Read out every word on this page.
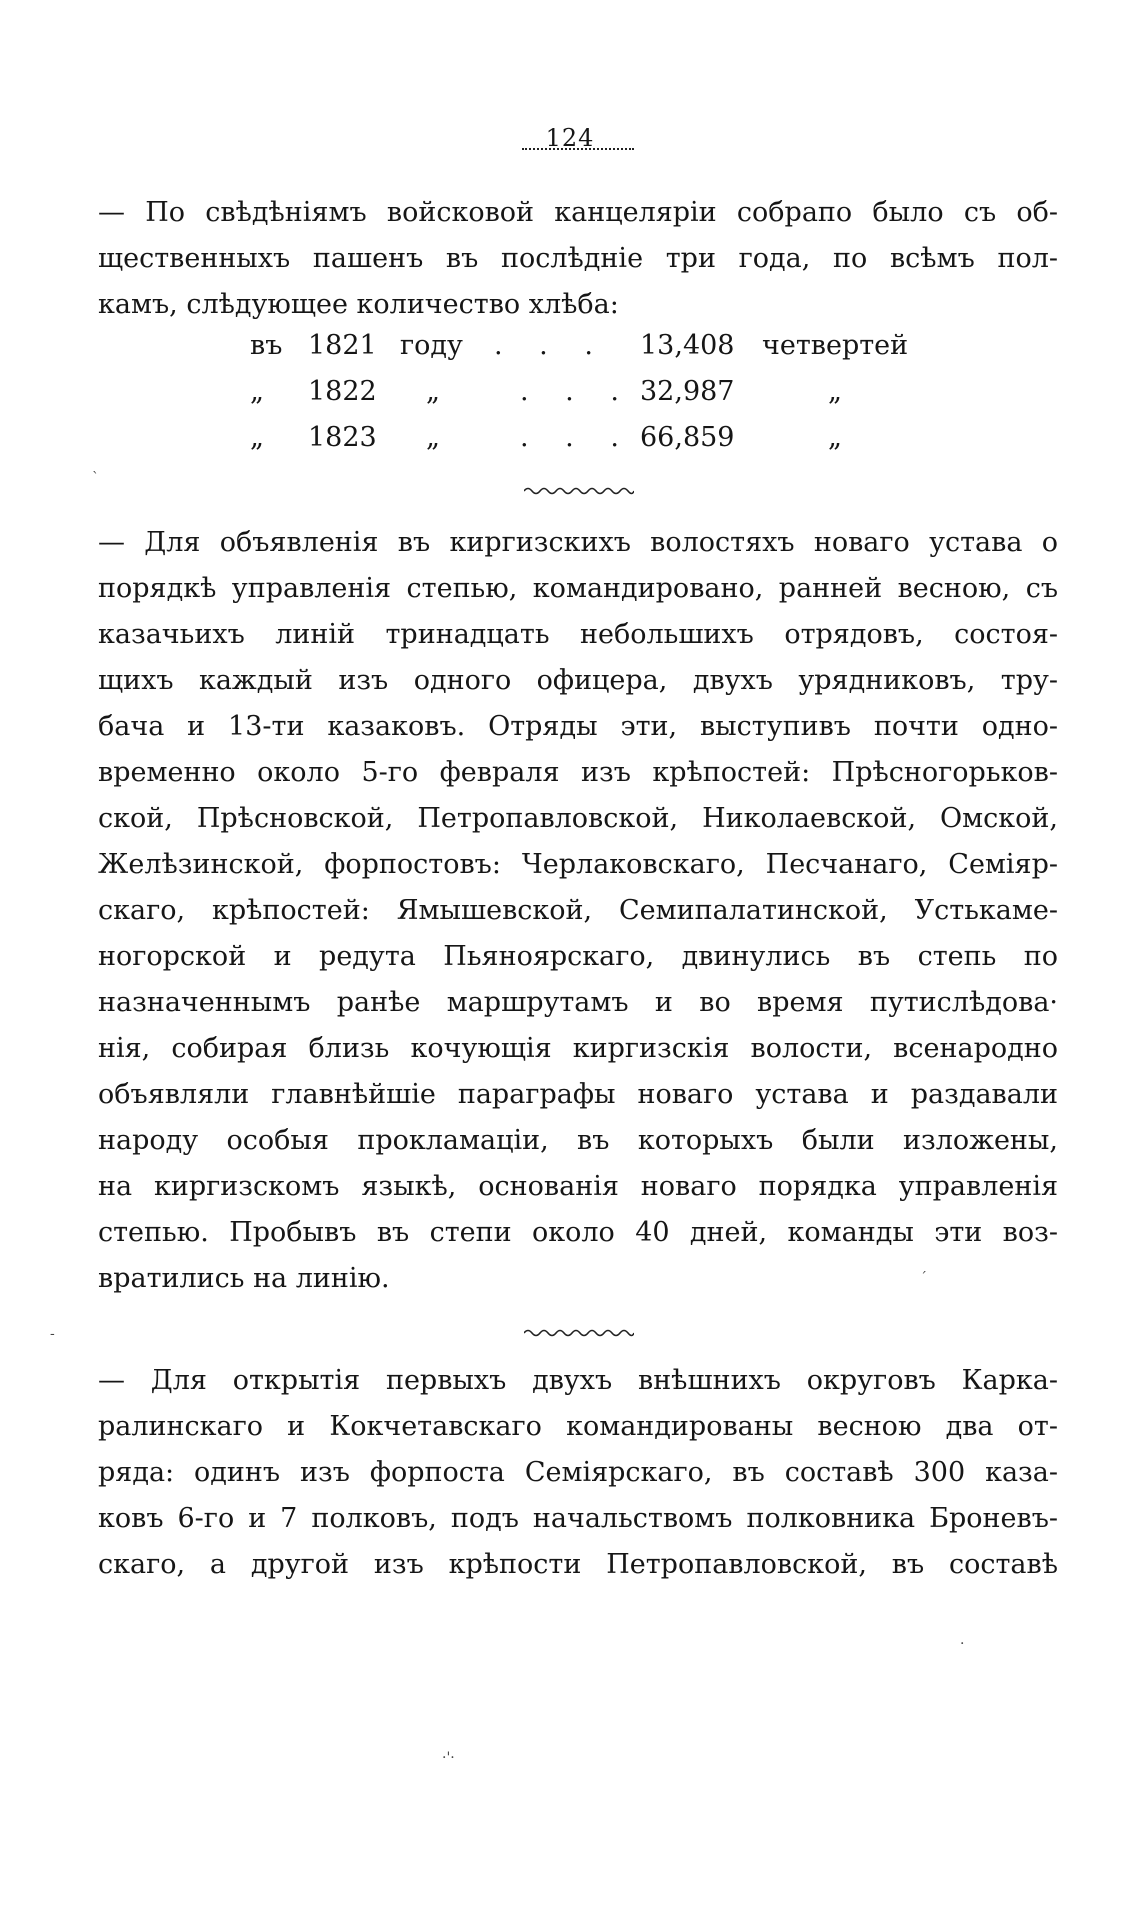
124
— По свѣдѣніямъ войсковой канцеляріи собрапо было съ об-
щественныхъ пашенъ въ послѣдніе три года, по всѣмъ пол-
камъ, слѣдующее количество хлѣба:
въ 1821 году . . . 13,408 четвертей
„ 1822 „	. . . 32,987	„
„ 1823 „	. . . 66,859	„
— Для объявленія въ киргизскихъ волостяхъ новаго устава о
порядкѣ управленія степью, командировано, ранней весною, съ
казачьихъ линій тринадцать небольшихъ отрядовъ, состоя-
щихъ каждый изъ одного офицера, двухъ урядниковъ, тру-
бача и 13-ти казаковъ. Отряды эти, выступивъ почти одно-
временно около 5-го февраля изъ крѣпостей: Прѣсногорьков-
ской, Прѣсновской, Петропавловской, Николаевской, Омской,
Желѣзинской, форпостовъ: Черлаковскаго, Песчанаго, Семіяр-
скаго, крѣпостей: Ямышевской, Семипалатинской, Устькаме-
ногорской и редута Пьяноярскаго, двинулись въ степь по
назначеннымъ ранѣе маршрутамъ и во время путислѣдова·
нія, собирая близь кочующія киргизскія волости, всенародно
объявляли главнѣйшіе параграфы новаго устава и раздавали
народу особыя прокламаціи, въ которыхъ были изложены,
на киргизскомъ языкѣ, основанія новаго порядка управленія
степью. Пробывъ въ степи около 40 дней, команды эти воз-
вратились на линію.
— Для открытія первыхъ двухъ внѣшнихъ округовъ Карка-
ралинскаго и Кокчетавскаго командированы весною два от-
ряда: одинъ изъ форпоста Семіярскаго, въ составѣ 300 каза-
ковъ 6-го и 7 полковъ, подъ начальствомъ полковника Броневъ-
скаго, а другой изъ крѣпости Петропавловской, въ составѣ
ˋ
‐
ˊ
·
·ꞌ·
